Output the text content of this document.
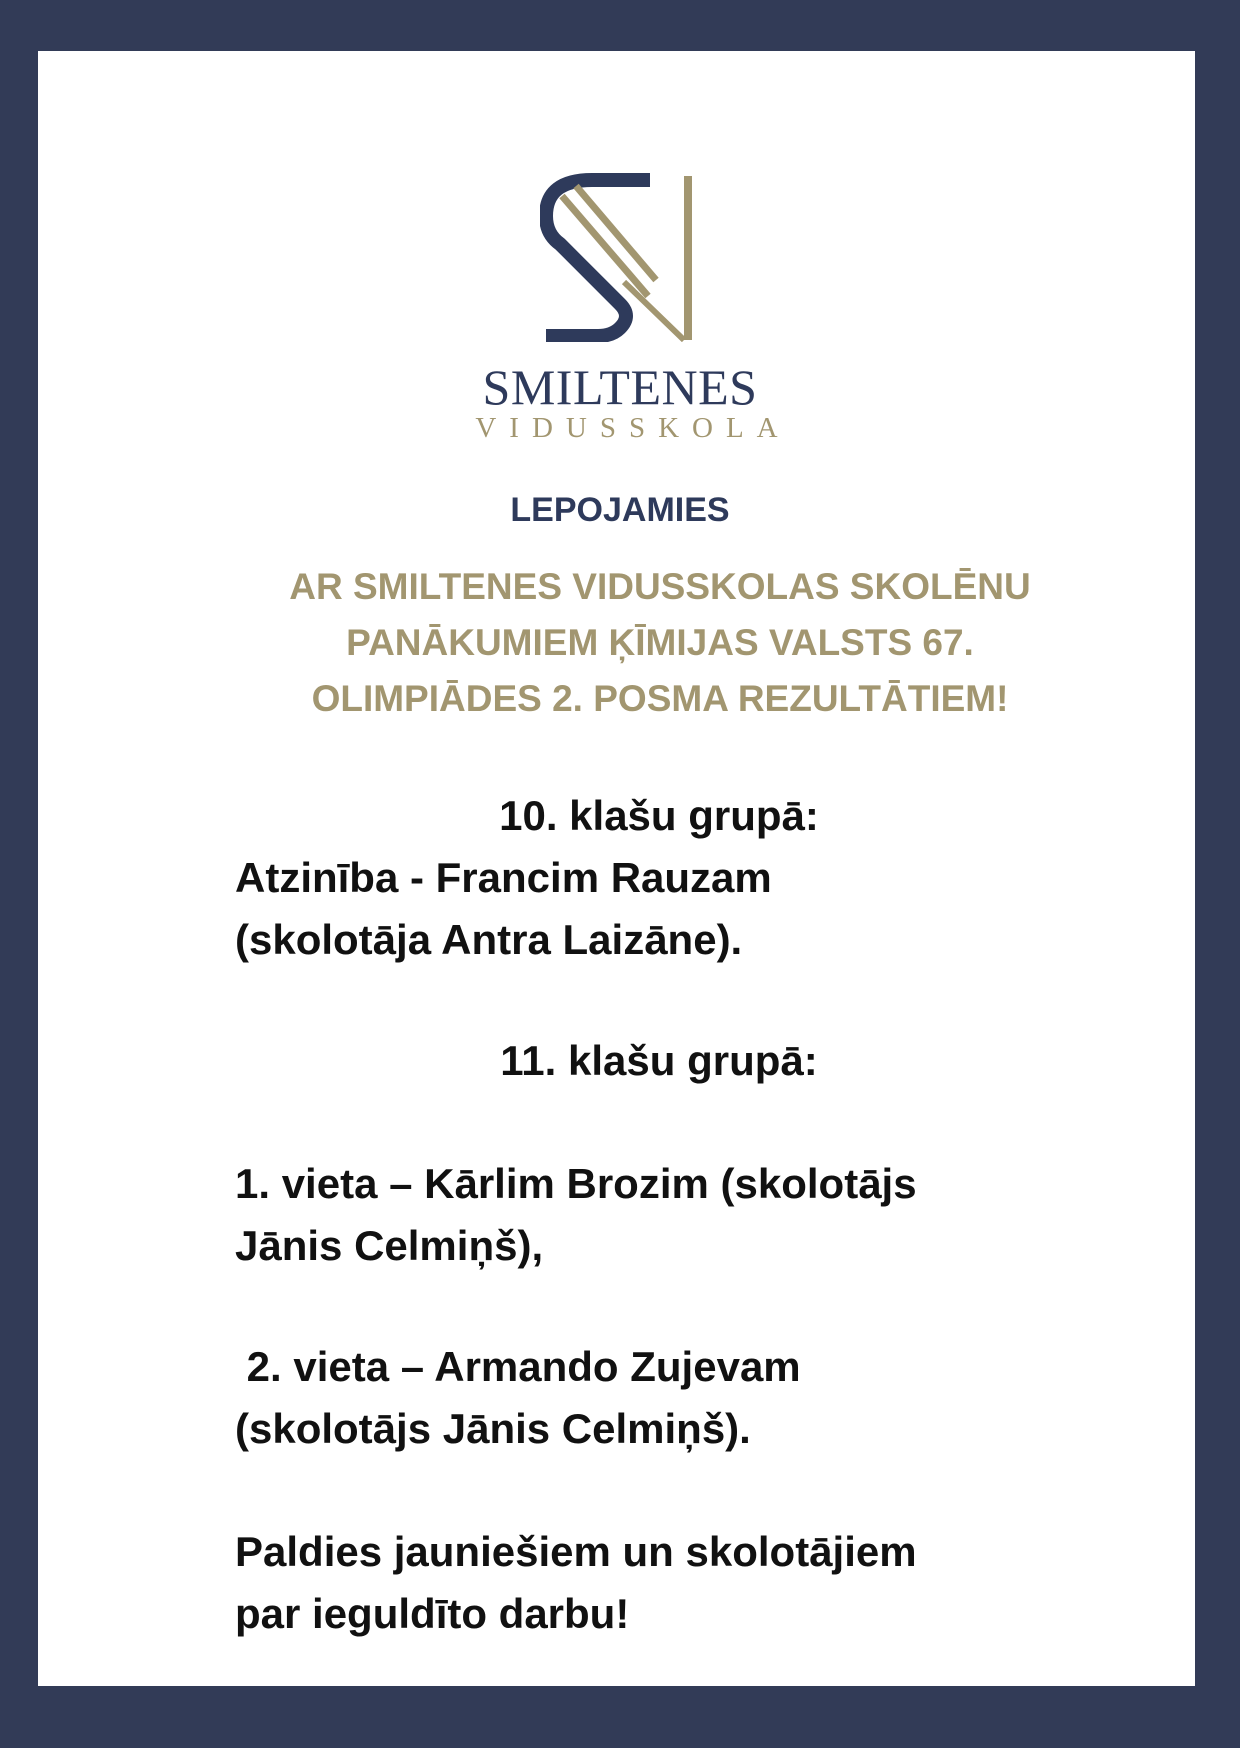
SMILTENES
VIDUSSKOLA
LEPOJAMIES
AR SMILTENES VIDUSSKOLAS SKOLĒNU PANĀKUMIEM ĶĪMIJAS VALSTS 67. OLIMPIĀDES 2. POSMA REZULTĀTIEM!
10. klašu grupā:
Atzinība - Francim Rauzam
(skolotāja Antra Laizāne).
11. klašu grupā:
1. vieta – Kārlim Brozim (skolotājs
Jānis Celmiņš),
2. vieta – Armando Zujevam
(skolotājs Jānis Celmiņš).
Paldies jauniešiem un skolotājiem
par ieguldīto darbu!
